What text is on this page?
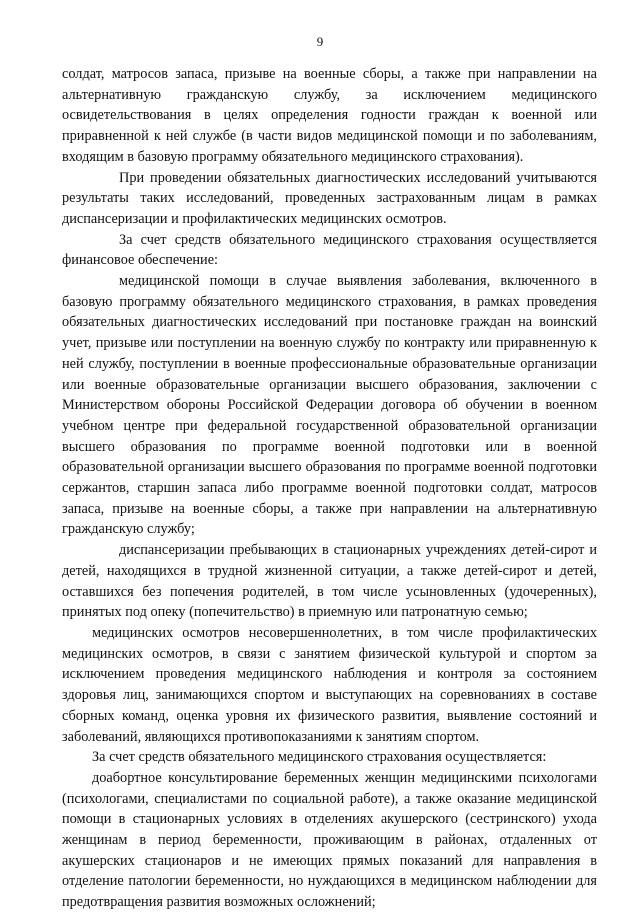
9

солдат, матросов запаса, призыве на военные сборы, а также при направлении на альтернативную гражданскую службу, за исключением медицинского освидетельствования в целях определения годности граждан к военной или приравненной к ней службе (в части видов медицинской помощи и по заболеваниям, входящим в базовую программу обязательного медицинского страхования).

При проведении обязательных диагностических исследований учитываются результаты таких исследований, проведенных застрахованным лицам в рамках диспансеризации и профилактических медицинских осмотров.

За счет средств обязательного медицинского страхования осуществляется финансовое обеспечение:

медицинской помощи в случае выявления заболевания, включенного в базовую программу обязательного медицинского страхования, в рамках проведения обязательных диагностических исследований при постановке граждан на воинский учет, призыве или поступлении на военную службу по контракту или приравненную к ней службу, поступлении в военные профессиональные образовательные организации или военные образовательные организации высшего образования, заключении с Министерством обороны Российской Федерации договора об обучении в военном учебном центре при федеральной государственной образовательной организации высшего образования по программе военной подготовки или в военной образовательной организации высшего образования по программе военной подготовки сержантов, старшин запаса либо программе военной подготовки солдат, матросов запаса, призыве на военные сборы, а также при направлении на альтернативную гражданскую службу;

диспансеризации пребывающих в стационарных учреждениях детей-сирот и детей, находящихся в трудной жизненной ситуации, а также детей-сирот и детей, оставшихся без попечения родителей, в том числе усыновленных (удочеренных), принятых под опеку (попечительство) в приемную или патронатную семью;

медицинских осмотров несовершеннолетних, в том числе профилактических медицинских осмотров, в связи с занятием физической культурой и спортом за исключением проведения медицинского наблюдения и контроля за состоянием здоровья лиц, занимающихся спортом и выступающих на соревнованиях в составе сборных команд, оценка уровня их физического развития, выявление состояний и заболеваний, являющихся противопоказаниями к занятиям спортом.

За счет средств обязательного медицинского страхования осуществляется:

доабортное консультирование беременных женщин медицинскими психологами (психологами, специалистами по социальной работе), а также оказание медицинской помощи в стационарных условиях в отделениях акушерского (сестринского) ухода женщинам в период беременности, проживающим в районах, отдаленных от акушерских стационаров и не имеющих прямых показаний для направления в отделение патологии беременности, но нуждающихся в медицинском наблюдении для предотвращения развития возможных осложнений;
